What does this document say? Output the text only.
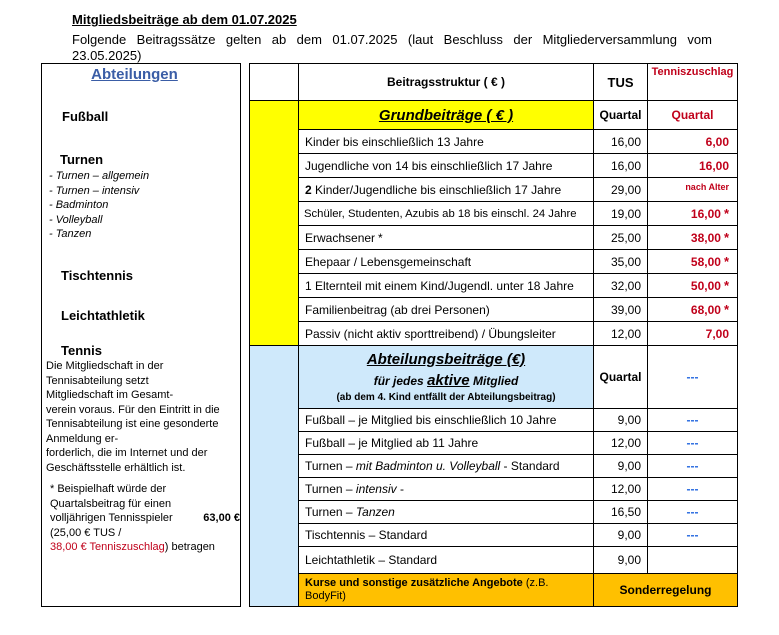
Mitgliedsbeiträge ab dem 01.07.2025
Folgende Beitragssätze gelten ab dem 01.07.2025 (laut Beschluss der Mitgliederversammlung vom 23.05.2025)
Abteilungen
Fußball
Turnen
- Turnen – allgemein
- Turnen – intensiv
- Badminton
- Volleyball
- Tanzen
Tischtennis
Leichtathletik
Tennis
Die Mitgliedschaft in der
Tennisabteilung setzt
Mitgliedschaft im Gesamt-
verein voraus. Für den Eintritt in die
Tennisabteilung ist eine gesonderte
Anmeldung er-
forderlich, die im Internet und der
Geschäftsstelle erhältlich ist.
* Beispielhaft würde der
Quartalsbeitrag für einen
volljährigen Tennisspieler	63,00 €
(25,00 € TUS /
38,00 € Tenniszuschlag) betragen
Beitragsstruktur ( € )	TUS
Tenniszuschlag
Grundbeiträge ( € )	Quartal	Quartal
Kinder bis einschließlich 13 Jahre	16,00	6,00
Jugendliche von 14 bis einschließlich 17 Jahre	16,00	16,00
2 Kinder/Jugendliche bis einschließlich 17 Jahre	29,00	nach Alter
Schüler, Studenten, Azubis ab 18 bis einschl. 24 Jahre	19,00	16,00 *
Erwachsener *	25,00	38,00 *
Ehepaar / Lebensgemeinschaft	35,00	58,00 *
1 Elternteil mit einem Kind/Jugendl. unter 18 Jahre	32,00	50,00 *
Familienbeitrag (ab drei Personen)	39,00	68,00 *
Passiv (nicht aktiv sporttreibend) / Übungsleiter	12,00	7,00
Abteilungsbeiträge (€)
für jedes aktive Mitglied
(ab dem 4. Kind entfällt der Abteilungsbeitrag)
Quartal	---
Fußball – je Mitglied bis einschließlich 10 Jahre	9,00	---
Fußball – je Mitglied ab 11 Jahre	12,00	---
Turnen – mit Badminton u. Volleyball - Standard	9,00	---
Turnen – intensiv -	12,00	---
Turnen – Tanzen	16,50	---
Tischtennis – Standard	9,00	---
Leichtathletik – Standard	9,00
Kurse und sonstige zusätzliche Angebote (z.B. BodyFit)	Sonderregelung
